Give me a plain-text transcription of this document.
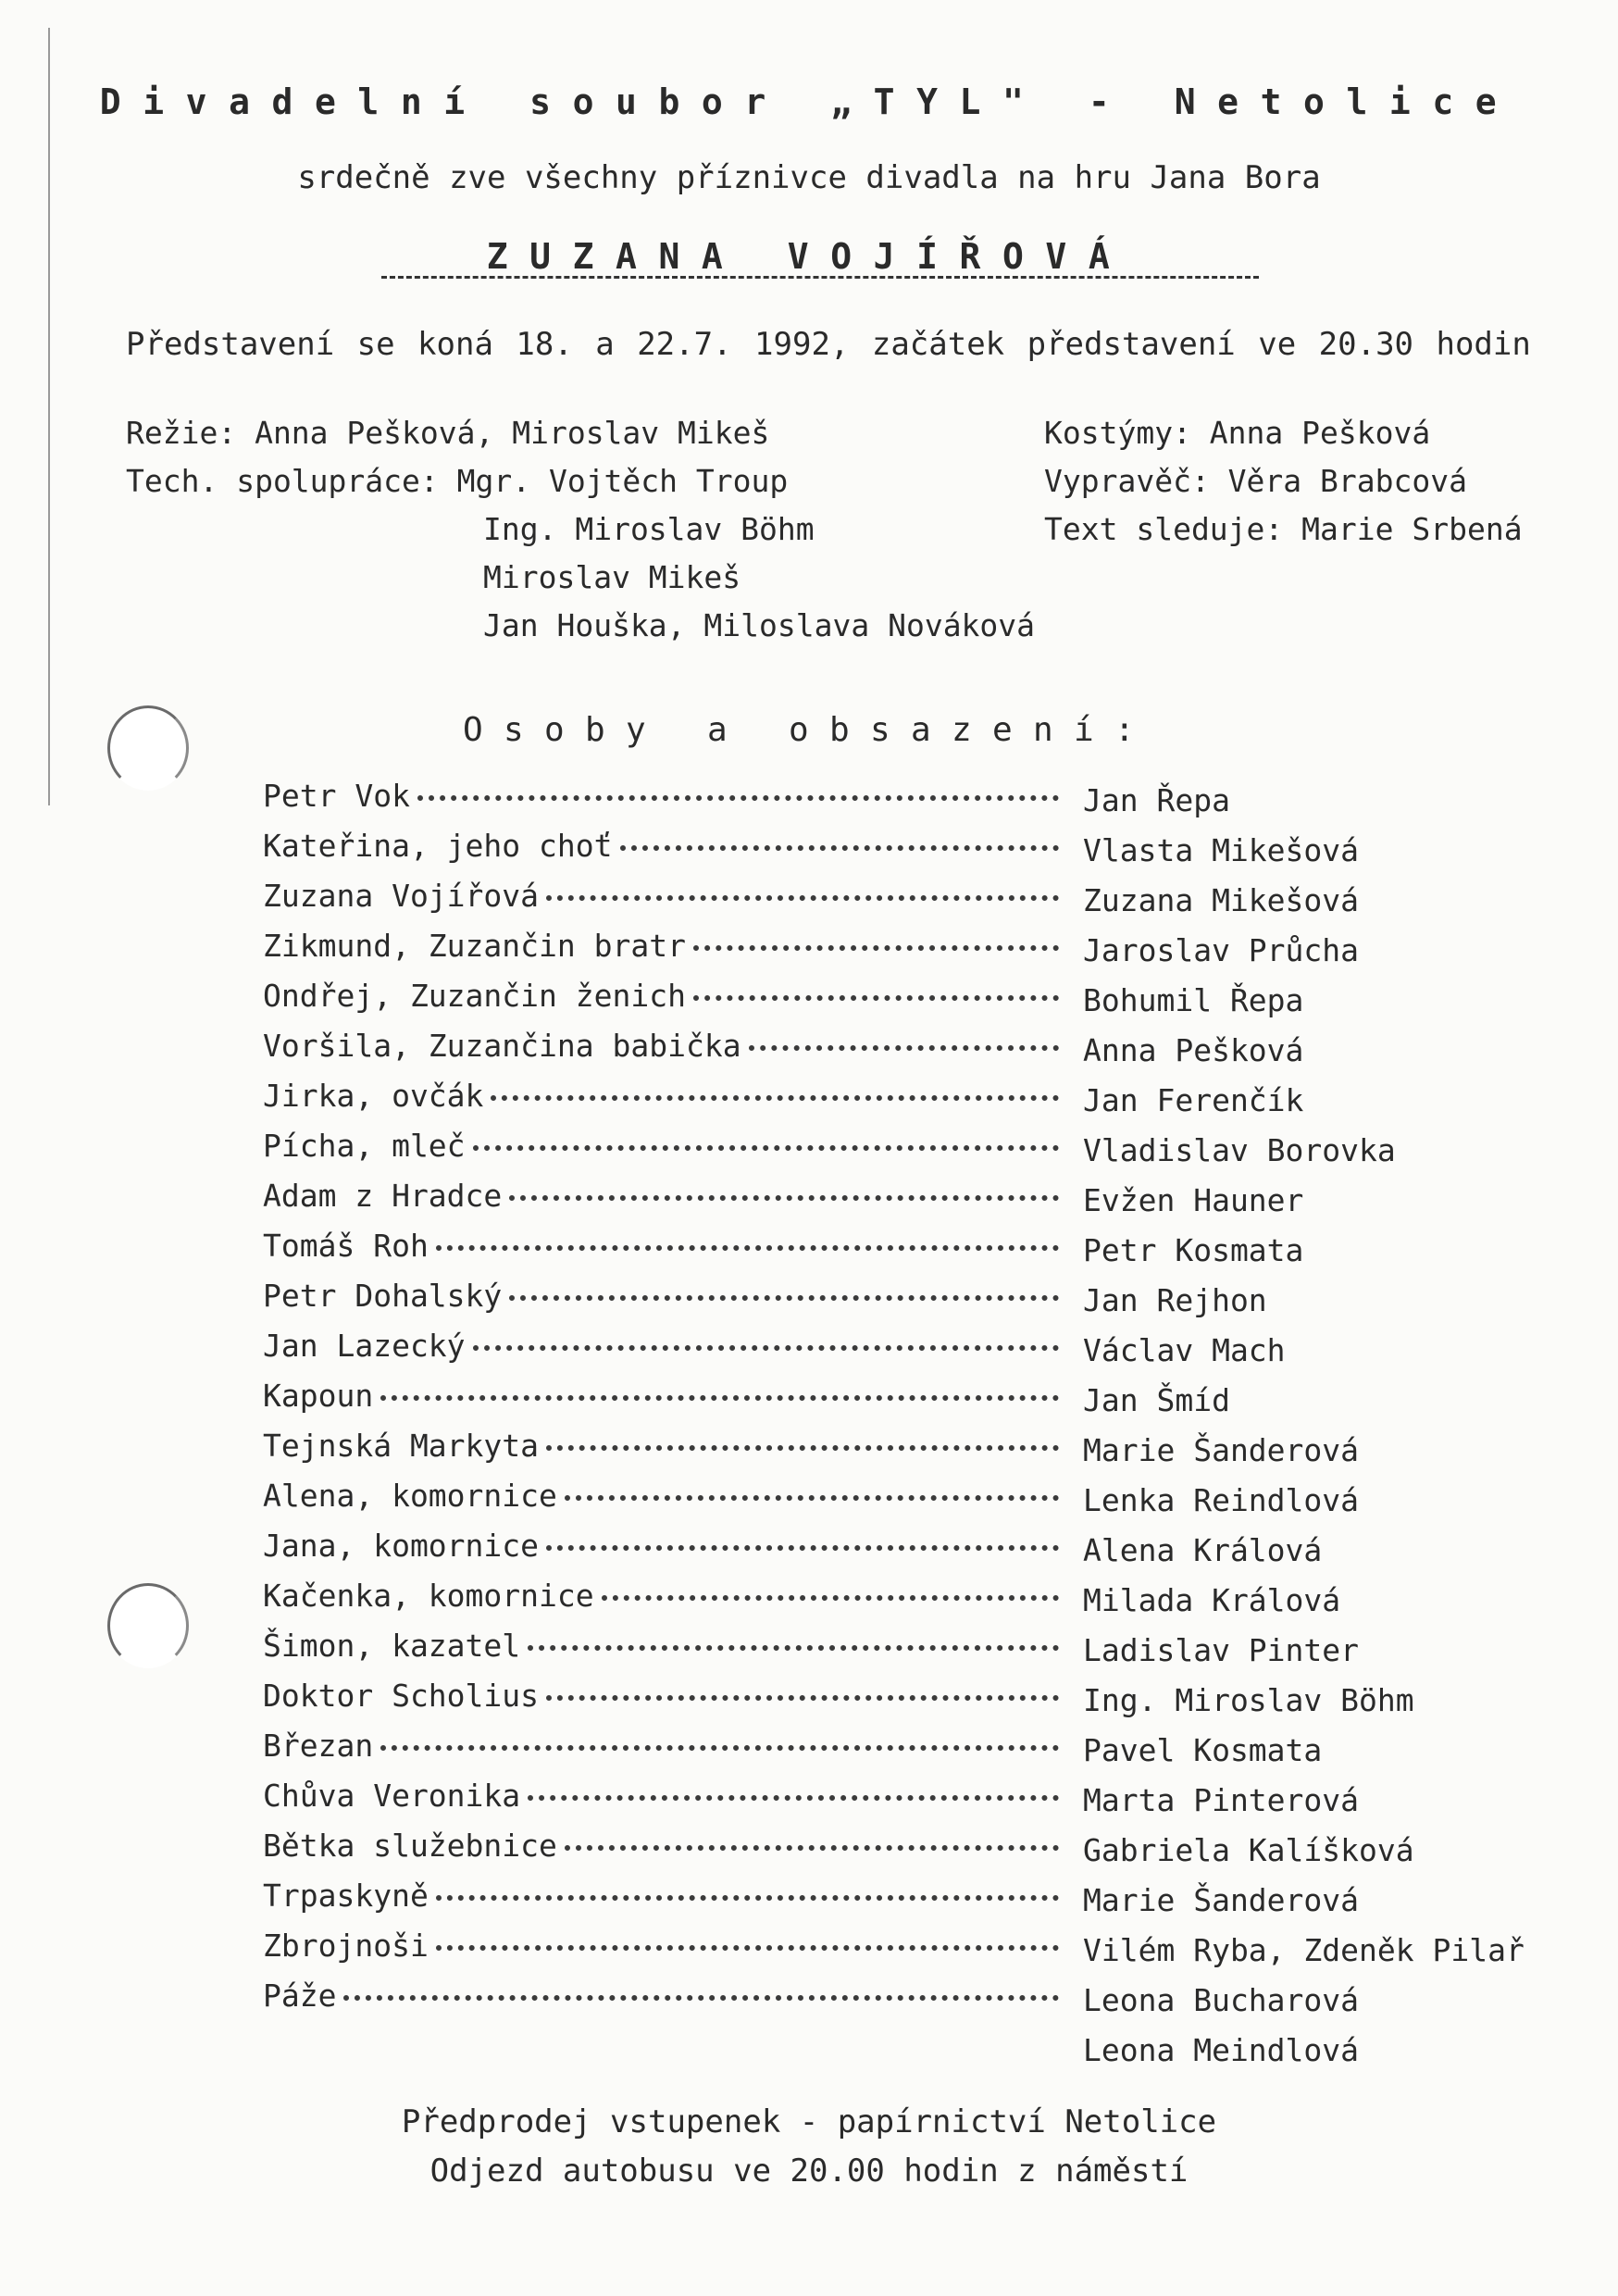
Divadelní soubor „TYL" - Netolice
srdečně zve všechny příznivce divadla na hru Jana Bora
ZUZANA VOJÍŘOVÁ
Představení se koná 18. a 22.7. 1992, začátek představení ve 20.30 hodin
Režie: Anna Pešková, Miroslav Mikeš
Tech. spolupráce: Mgr. Vojtěch Troup
Ing. Miroslav Böhm
Miroslav Mikeš
Jan Houška, Miloslava Nováková
Kostýmy: Anna Pešková
Vypravěč: Věra Brabcová
Text sleduje: Marie Srbená
Osoby a obsazení:
Petr Vok	Jan Řepa
Kateřina, jeho choť	Vlasta Mikešová
Zuzana Vojířová	Zuzana Mikešová
Zikmund, Zuzančin bratr	Jaroslav Průcha
Ondřej, Zuzančin ženich	Bohumil Řepa
Voršila, Zuzančina babička	Anna Pešková
Jirka, ovčák	Jan Ferenčík
Pícha, mleč	Vladislav Borovka
Adam z Hradce	Evžen Hauner
Tomáš Roh	Petr Kosmata
Petr Dohalský	Jan Rejhon
Jan Lazecký	Václav Mach
Kapoun	Jan Šmíd
Tejnská Markyta	Marie Šanderová
Alena, komornice	Lenka Reindlová
Jana, komornice	Alena Králová
Kačenka, komornice	Milada Králová
Šimon, kazatel	Ladislav Pinter
Doktor Scholius	Ing. Miroslav Böhm
Březan	Pavel Kosmata
Chůva Veronika	Marta Pinterová
Bětka služebnice	Gabriela Kalíšková
Trpaskyně	Marie Šanderová
Zbrojnoši	Vilém Ryba, Zdeněk Pilař
Páže	Leona Bucharová
Leona Meindlová
Předprodej vstupenek - papírnictví Netolice
Odjezd autobusu ve 20.00 hodin z náměstí
